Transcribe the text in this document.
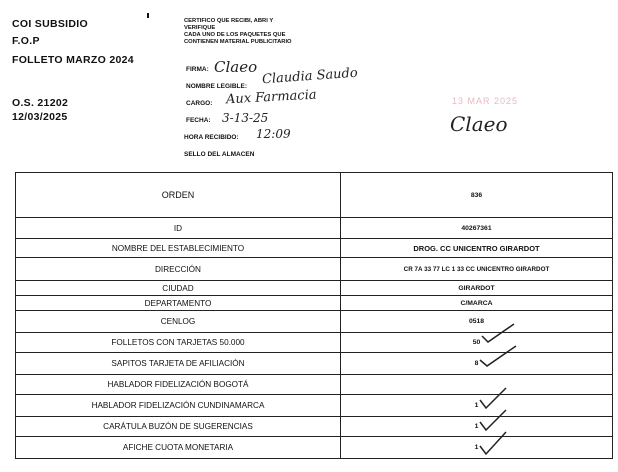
COI SUBSIDIO
F.O.P
FOLLETO MARZO 2024
O.S. 21202
12/03/2025
CERTIFICO QUE RECIBI, ABRI Y
VERIFIQUE
CADA UNO DE LOS PAQUETES QUE
CONTIENEN MATERIAL PUBLICITARIO
FIRMA: Claeo
NOMBRE LEGIBLE: Claudia Saudo
CARGO: Aux Farmacia
FECHA: 3-13-25
HORA RECIBIDO: 12:09
SELLO DEL ALMACEN
13 MAR 2025
Claeo
ORDEN	836
ID	40267361
NOMBRE DEL ESTABLECIMIENTO	DROG. CC UNICENTRO GIRARDOT
DIRECCIÓN	CR 7A 33 77 LC 1 33 CC UNICENTRO GIRARDOT
CIUDAD	GIRARDOT
DEPARTAMENTO	C/MARCA
CENLOG	0518
FOLLETOS CON TARJETAS 50.000	50
SAPITOS TARJETA DE AFILIACIÓN	8
HABLADOR FIDELIZACIÓN BOGOTÁ	
HABLADOR FIDELIZACIÓN CUNDINAMARCA	1
CARÁTULA BUZÓN DE SUGERENCIAS	1
AFICHE CUOTA MONETARIA	1
